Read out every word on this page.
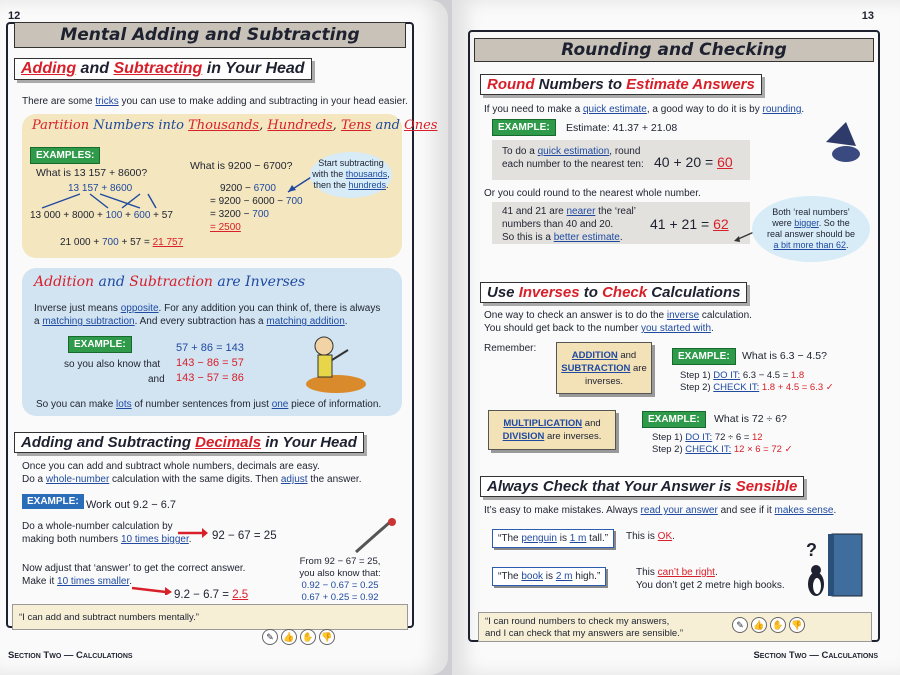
12
Mental Adding and Subtracting
Adding and Subtracting in Your Head
There are some tricks you can use to make adding and subtracting in your head easier.
Partition Numbers into Thousands, Hundreds, Tens and Ones
EXAMPLES:
What is 13 157 + 8600?
13 157 + 8600
13 000 + 8000 + 100 + 600 + 57
21 000 + 700 + 57 = 21 757
What is 9200 − 6700?
9200 − 6700
= 9200 − 6000 − 700
= 3200 − 700
= 2500
Start subtracting
with the thousands,
then the hundreds.
Addition and Subtraction are Inverses
Inverse just means opposite. For any addition you can think of, there is always
a matching subtraction. And every subtraction has a matching addition.
EXAMPLE:	57 + 86 = 143
so you also know that 143 − 86 = 57
and 143 − 57 = 86
So you can make lots of number sentences from just one piece of information.
Adding and Subtracting Decimals in Your Head
Once you can add and subtract whole numbers, decimals are easy.
Do a whole-number calculation with the same digits. Then adjust the answer.
EXAMPLE: Work out 9.2 − 6.7
Do a whole-number calculation by
making both numbers 10 times bigger. 92 − 67 = 25
Now adjust that ‘answer’ to get the correct answer.
Make it 10 times smaller.
9.2 − 6.7 = 2.5
From 92 − 67 = 25,
you also know that:
0.92 − 0.67 = 0.25
0.67 + 0.25 = 0.92
“I can add and subtract numbers mentally.”
✎	👍 ✋ 👎
Section Two — Calculations
13
Rounding and Checking
Round Numbers to Estimate Answers
If you need to make a quick estimate, a good way to do it is by rounding.
EXAMPLE:	Estimate: 41.37 + 21.08
To do a quick estimation, round
each number to the nearest ten: 40 + 20 = 60
Or you could round to the nearest whole number.
41 and 21 are nearer the ‘real’
numbers than 40 and 20.
So this is a better estimate.
41 + 21 = 62
Both ‘real numbers’
were bigger. So the
real answer should be
a bit more than 62.
Use Inverses to Check Calculations
One way to check an answer is to do the inverse calculation.
You should get back to the number you started with.
Remember:
ADDITION and
SUBTRACTION are
inverses.
EXAMPLE:	What is 6.3 − 4.5?
Step 1) DO IT: 6.3 − 4.5 = 1.8
Step 2) CHECK IT: 1.8 + 4.5 = 6.3 ✓
MULTIPLICATION and
DIVISION are inverses.
EXAMPLE:	What is 72 ÷ 6?
Step 1) DO IT: 72 ÷ 6 = 12
Step 2) CHECK IT: 12 × 6 = 72 ✓
Always Check that Your Answer is Sensible
It’s easy to make mistakes. Always read your answer and see if it makes sense.
“The penguin is 1 m tall.”	This is OK.
“The book is 2 m high.”	This can’t be right.
You don’t get 2 metre high books.
?
“I can round numbers to check my answers,
and I can check that my answers are sensible.”
✎	👍 ✋ 👎
Section Two — Calculations
